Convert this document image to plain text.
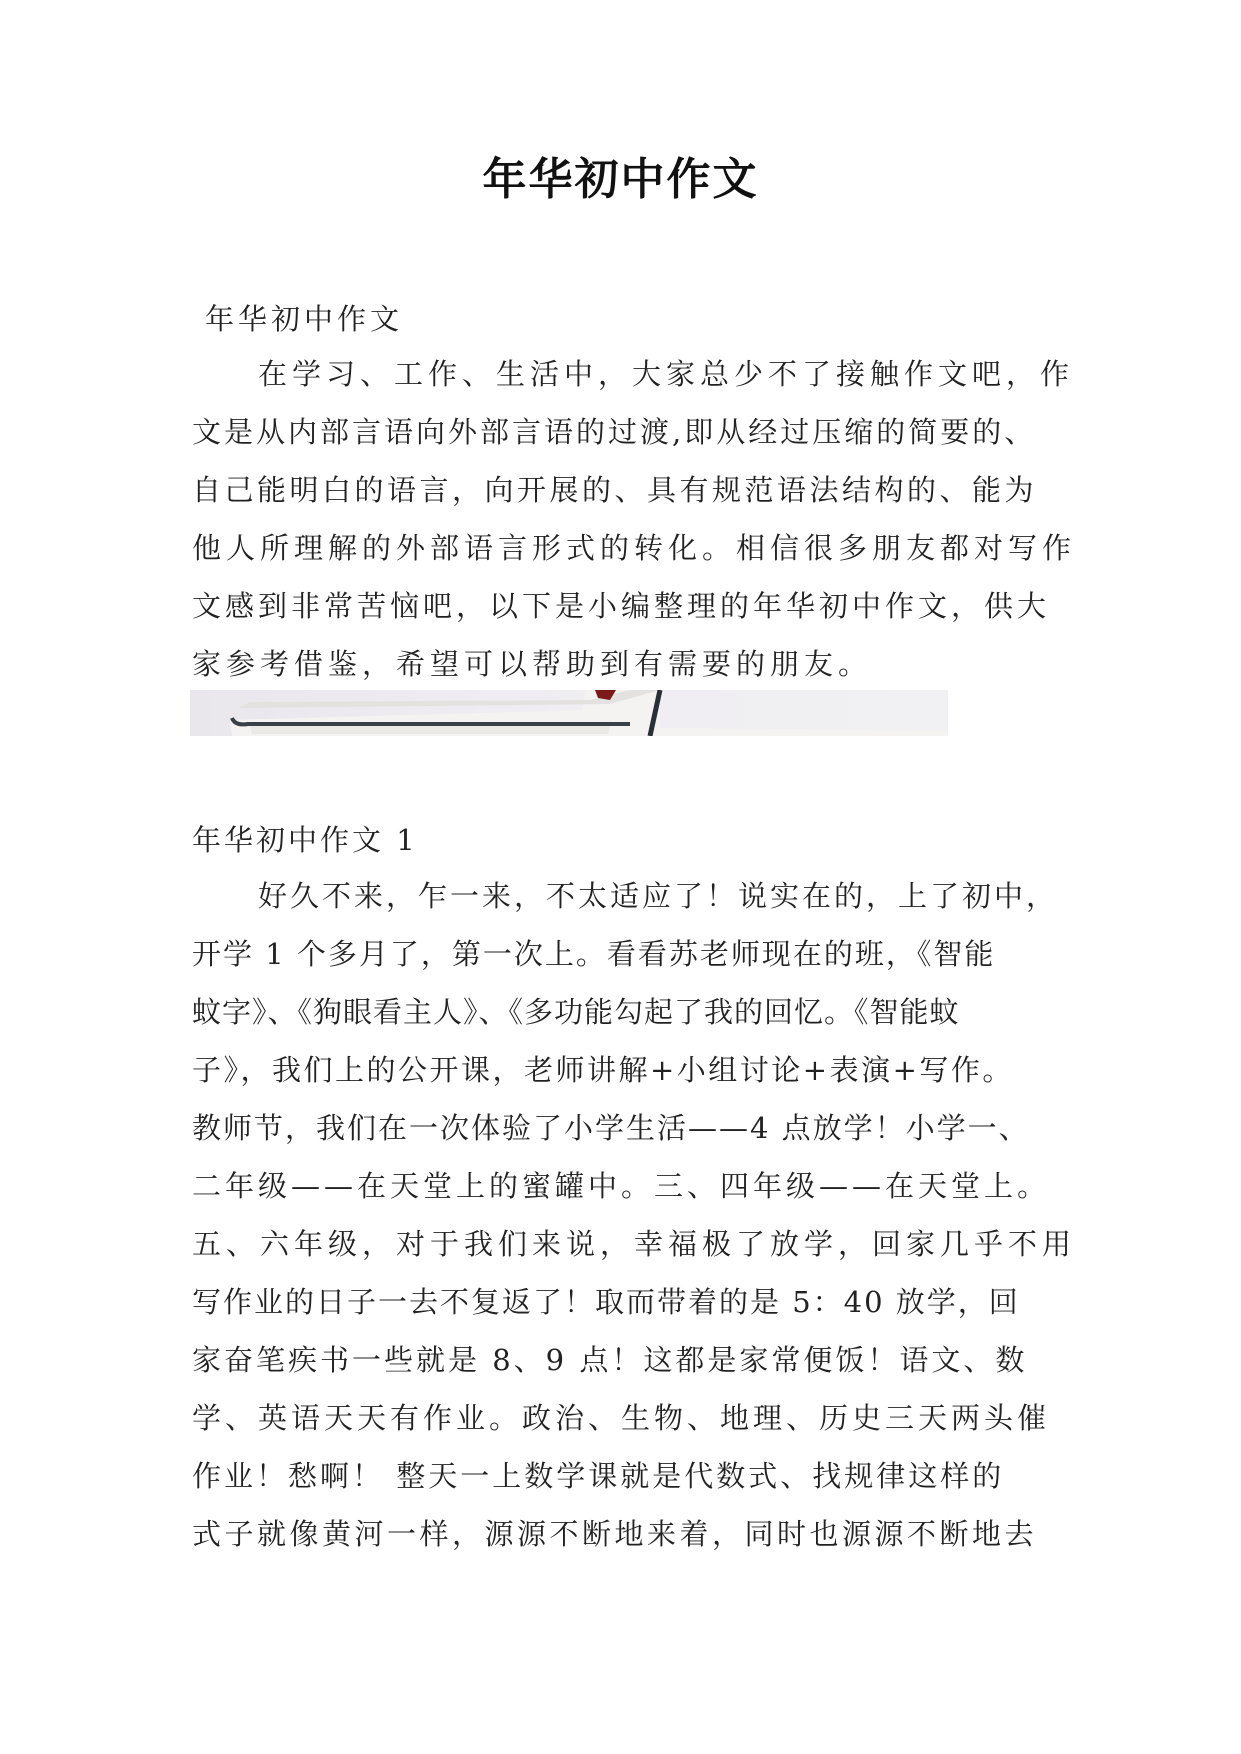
年华初中作文
年华初中作文
在学习、工作、生活中，大家总少不了接触作文吧，作
文是从内部言语向外部言语的过渡,即从经过压缩的简要的、
自己能明白的语言，向开展的、具有规范语法结构的、能为
他人所理解的外部语言形式的转化。相信很多朋友都对写作
文感到非常苦恼吧，以下是小编整理的年华初中作文，供大
家参考借鉴，希望可以帮助到有需要的朋友。
年华初中作文 1
好久不来，乍一来，不太适应了！说实在的，上了初中，
开学 1 个多月了，第一次上。看看苏老师现在的班，《智能
蚊字》、《狗眼看主人》、《多功能勾起了我的回忆。《智能蚊
子》，我们上的公开课，老师讲解+小组讨论+表演+写作。
教师节，我们在一次体验了小学生活——4 点放学！小学一、
二年级——在天堂上的蜜罐中。三、四年级——在天堂上。
五、六年级，对于我们来说，幸福极了放学，回家几乎不用
写作业的日子一去不复返了！取而带着的是 5：40 放学，回
家奋笔疾书一些就是 8、9 点！这都是家常便饭！语文、数
学、英语天天有作业。政治、生物、地理、历史三天两头催
作业！愁啊！ 整天一上数学课就是代数式、找规律这样的
式子就像黄河一样，源源不断地来着，同时也源源不断地去
